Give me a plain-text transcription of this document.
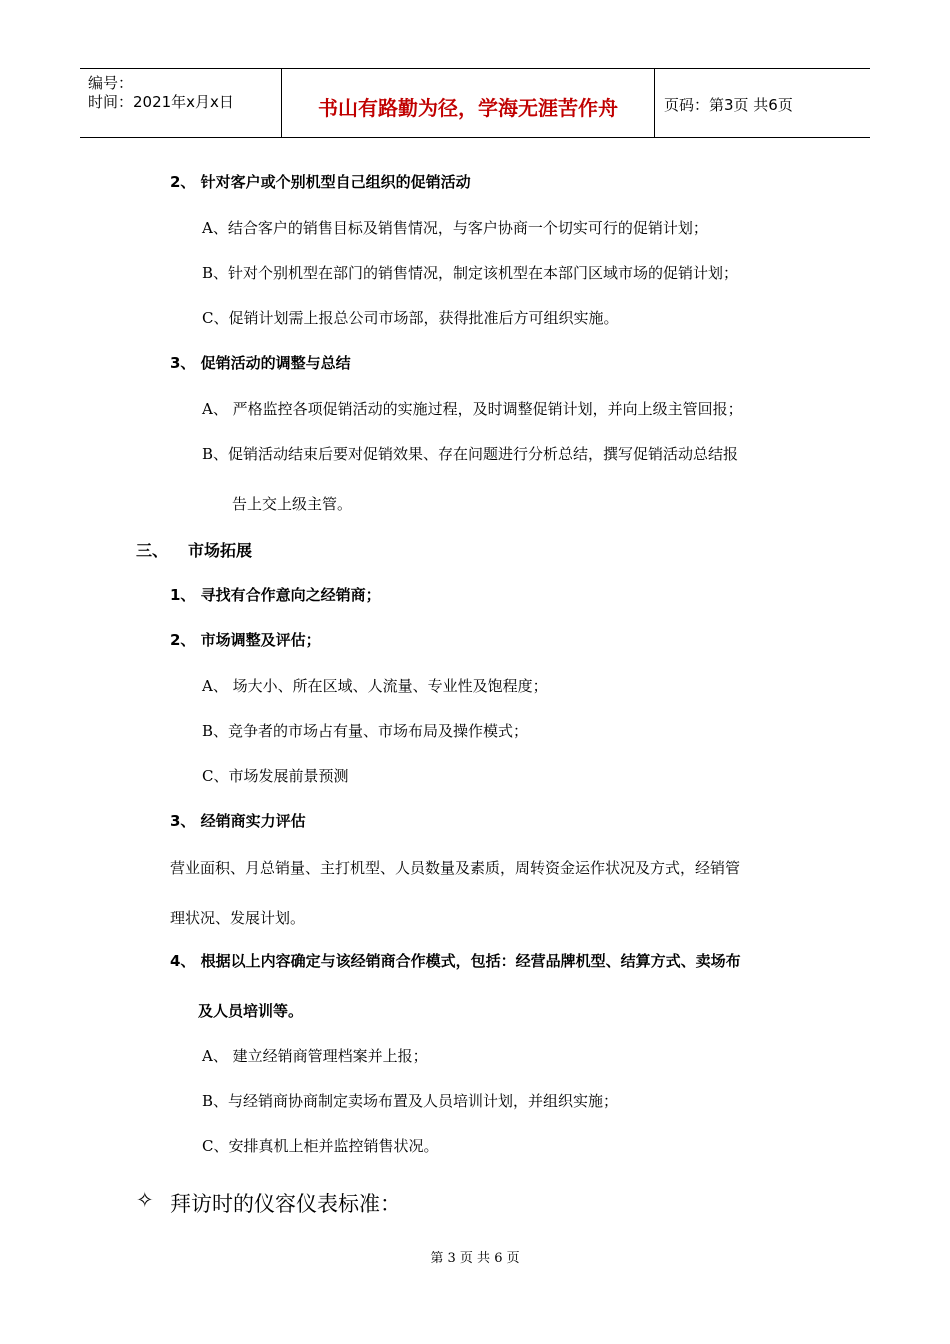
编号：
时间：2021年x月x日	书山有路勤为径，学海无涯苦作舟	页码：第3页 共6页
2、 针对客户或个别机型自己组织的促销活动
A、结合客户的销售目标及销售情况，与客户协商一个切实可行的促销计划；
B、针对个别机型在部门的销售情况，制定该机型在本部门区域市场的促销计划；
C、促销计划需上报总公司市场部，获得批准后方可组织实施。
3、 促销活动的调整与总结
A、 严格监控各项促销活动的实施过程，及时调整促销计划，并向上级主管回报；
B、促销活动结束后要对促销效果、存在问题进行分析总结，撰写促销活动总结报
告上交上级主管。
三、 市场拓展
1、 寻找有合作意向之经销商；
2、 市场调整及评估；
A、 场大小、所在区域、人流量、专业性及饱程度；
B、竞争者的市场占有量、市场布局及操作模式；
C、市场发展前景预测
3、 经销商实力评估
营业面积、月总销量、主打机型、人员数量及素质，周转资金运作状况及方式，经销管
理状况、发展计划。
4、 根据以上内容确定与该经销商合作模式，包括：经营品牌机型、结算方式、卖场布
及人员培训等。
A、 建立经销商管理档案并上报；
B、与经销商协商制定卖场布置及人员培训计划，并组织实施；
C、安排真机上柜并监控销售状况。
✧ 拜访时的仪容仪表标准：
第 3 页 共 6 页
